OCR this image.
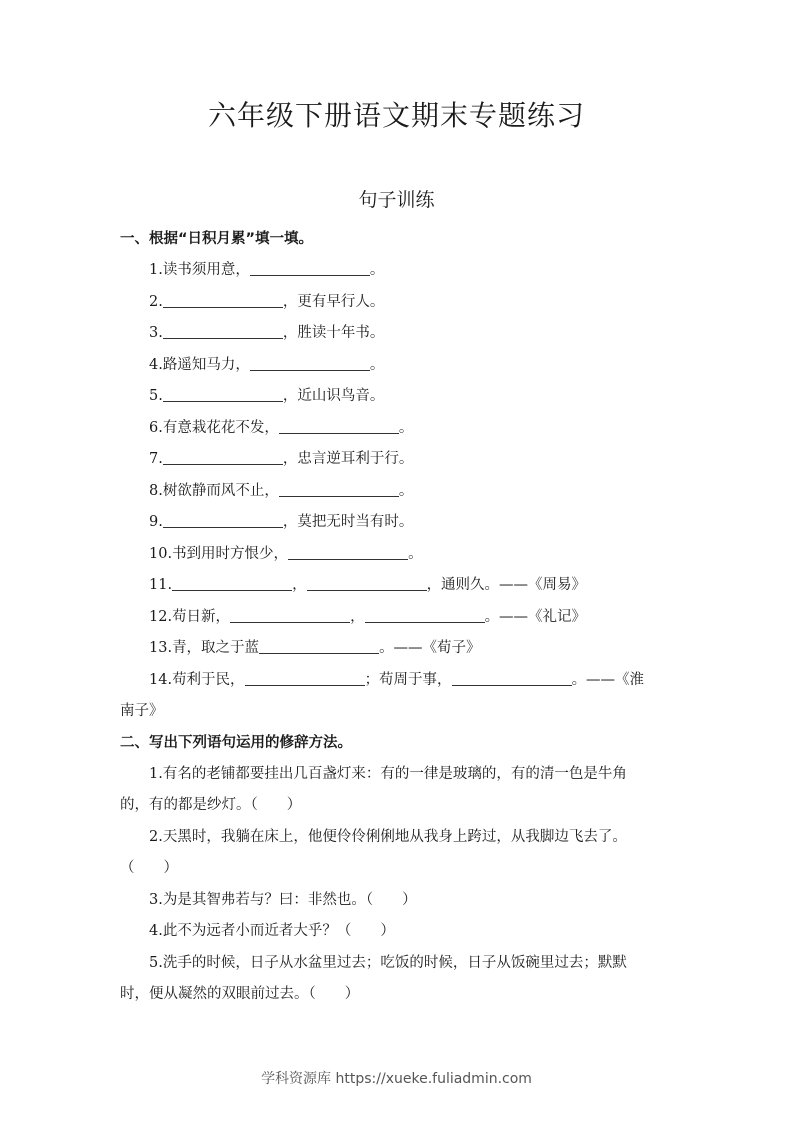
六年级下册语文期末专题练习
句子训练
一、根据“日积月累”填一填。
1.读书须用意，	。
2.	，更有早行人。
3.	，胜读十年书。
4.路遥知马力，	。
5.	，近山识鸟音。
6.有意栽花花不发，	。
7.	，忠言逆耳利于行。
8.树欲静而风不止，	。
9.	，莫把无时当有时。
10.书到用时方恨少，	。
11.	，	，通则久。——《周易》
12.苟日新，	，	。——《礼记》
13.青，取之于蓝	。——《荀子》
14.苟利于民，	；苟周于事，	。——《淮
南子》
二、写出下列语句运用的修辞方法。
1.有名的老铺都要挂出几百盏灯来：有的一律是玻璃的，有的清一色是牛角
的，有的都是纱灯。（　　）
2.天黑时，我躺在床上，他便伶伶俐俐地从我身上跨过，从我脚边飞去了。
（　　）
3.为是其智弗若与？曰：非然也。（　　）
4.此不为远者小而近者大乎？（　　）
5.洗手的时候，日子从水盆里过去；吃饭的时候，日子从饭碗里过去；默默
时，便从凝然的双眼前过去。（　　）
学科资源库 https://xueke.fuliadmin.com
